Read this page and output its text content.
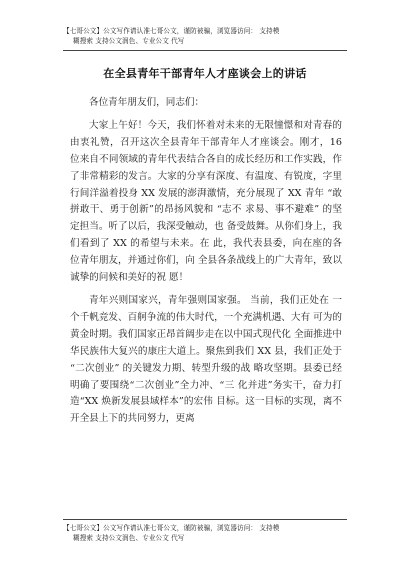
【七哥公文】公文写作请认准七哥公文，谨防被骗，浏览器访问： 支持模
糊搜索 支持公文润色、专业公文 代写
在全县青年干部青年人才座谈会上的讲话

各位青年朋友们，同志们：

大家上午好！今天，我们怀着对未来的无限憧憬和对青春的由衷礼赞，召开这次全县青年干部青年人才座谈会。刚才，16 位来自不同领域的青年代表结合各自的成长经历和工作实践，作了非常精彩的发言。大家的分享有深度、有温度、有锐度，字里行间洋溢着投身 XX 发展的澎湃激情，充分展现了 XX 青年 “敢拼敢干、勇于创新”的昂扬风貌和 “志不 求易、事不避难” 的坚定担当。听了以后，我深受触动，也 备受鼓舞。从你们身上，我们看到了 XX 的希望与未来。在 此，我代表县委，向在座的各位青年朋友，并通过你们，向 全县各条战线上的广大青年，致以诚挚的问候和美好的祝 愿！

青年兴则国家兴，青年强则国家强。 当前，我们正处在 一个千帆竞发、百舸争流的伟大时代，一个充满机遇、大有 可为的黄金时期。我们国家正昂首阔步走在以中国式现代化 全面推进中华民族伟大复兴的康庄大道上。聚焦到我们 XX 县，我们正处于 “二次创业” 的关键发力期、转型升级的战 略攻坚期。县委已经明确了要围绕“二次创业”全力冲、“三 化并进”务实干，奋力打造“XX 焕新发展县域样本”的宏伟 目标。这一目标的实现，离不开全县上下的共同努力，更离

【七哥公文】公文写作请认准七哥公文，谨防被骗，浏览器访问： 支持模
糊搜索 支持公文润色、专业公文 代写
